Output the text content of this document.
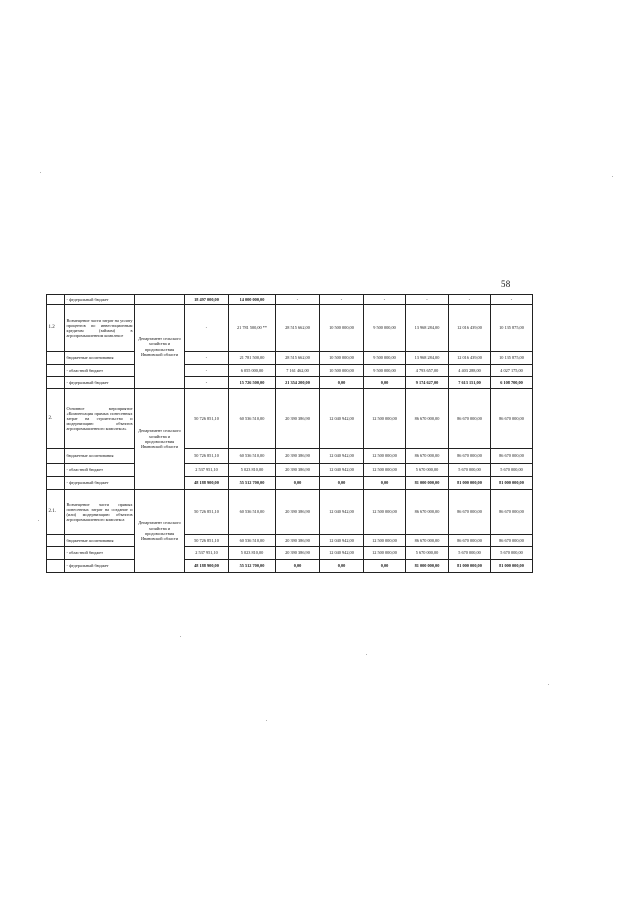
58
	- федеральный бюджет		18 497 000,00	14 000 000,00	-	-	-	-	-	-
1.2	Возмещение части затрат на уплату процентов по инвестиционным кредитам (займам) в агропромышленном комплексе	Департамент сельского хозяйства и продовольствия Ивановской области	-	21 781 500,00 **	28 515 662,00	10 500 000,00	9 500 000,00	13 968 284,00	12 016 439,00	10 135 875,00
	бюджетные ассигнования		-	21 781 500,00	28 515 662,00	10 500 000,00	9 500 000,00	13 968 284,00	12 016 439,00	10 135 875,00
	- областной бюджет		-	6 055 000,00	7 161 462,00	10 500 000,00	9 500 000,00	4 793 657,00	4 403 288,00	4 027 175,00
	- федеральный бюджет		-	15 726 500,00	21 354 200,00	0,00	0,00	9 174 627,00	7 613 151,00	6 108 700,00
2.	Основное мероприятие «Компенсация прямых понесенных затрат на строительство и модернизацию объектов агропромышленного комплекса»	Департамент сельского хозяйства и продовольствия Ивановской области	50 726 851,10	60 536 510,00	20 390 386,90	12 040 942,00	12 500 000,00	86 670 000,00	86 670 000,00	86 670 000,00
	бюджетные ассигнования		50 726 851,10	60 536 510,00	20 390 386,90	12 040 942,00	12 500 000,00	86 670 000,00	86 670 000,00	86 670 000,00
	- областной бюджет		2 537 951,10	5 023 810,00	20 390 386,90	12 040 942,00	12 500 000,00	5 670 000,00	5 670 000,00	5 670 000,00
	- федеральный бюджет		48 188 900,00	55 512 700,00	0,00	0,00	0,00	81 000 000,00	81 000 000,00	81 000 000,00
2.1.	Возмещение части прямых понесенных затрат на создание и (или) модернизацию объектов агропромышленного комплекса	Департамент сельского хозяйства и продовольствия Ивановской области	50 726 851,10	60 536 510,00	20 390 386,90	12 040 942,00	12 500 000,00	86 670 000,00	86 670 000,00	86 670 000,00
	бюджетные ассигнования		50 726 851,10	60 536 510,00	20 390 386,90	12 040 942,00	12 500 000,00	86 670 000,00	86 670 000,00	86 670 000,00
	- областной бюджет		2 537 951,10	5 023 810,00	20 390 386,90	12 040 942,00	12 500 000,00	5 670 000,00	5 670 000,00	5 670 000,00
	- федеральный бюджет		48 188 900,00	55 512 700,00	0,00	0,00	0,00	81 000 000,00	81 000 000,00	81 000 000,00
